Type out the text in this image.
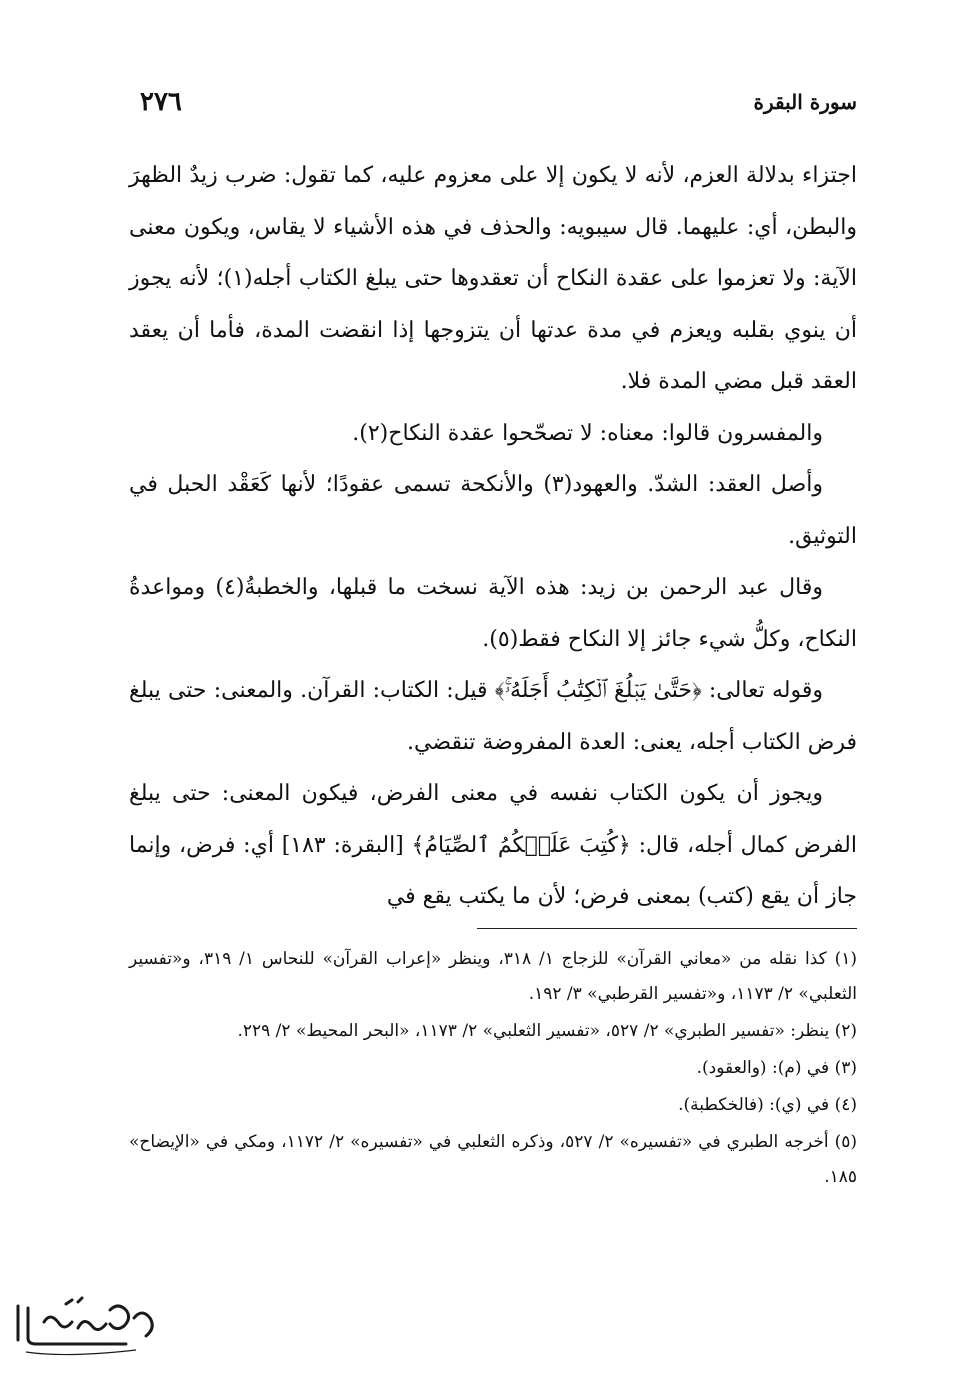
سورة البقرة
٢٧٦

اجتزاء بدلالة العزم، لأنه لا يكون إلا على معزوم عليه، كما تقول: ضرب زيدٌ الظهرَ والبطن، أي: عليهما. قال سيبويه: والحذف في هذه الأشياء لا يقاس، ويكون معنى الآية: ولا تعزموا على عقدة النكاح أن تعقدوها حتى يبلغ الكتاب أجله(١)؛ لأنه يجوز أن ينوي بقلبه ويعزم في مدة عدتها أن يتزوجها إذا انقضت المدة، فأما أن يعقد العقد قبل مضي المدة فلا.

والمفسرون قالوا: معناه: لا تصحّحوا عقدة النكاح(٢).

وأصل العقد: الشدّ. والعهود(٣) والأنكحة تسمى عقودًا؛ لأنها كَعَقْد الحبل في التوثيق.

وقال عبد الرحمن بن زيد: هذه الآية نسخت ما قبلها، والخطبةُ(٤) ومواعدةُ النكاح، وكلُّ شيء جائز إلا النكاح فقط(٥).

وقوله تعالى: ﴿حَتَّىٰ يَبۡلُغَ ٱلۡكِتَٰبُ أَجَلَهُۥۚ﴾ قيل: الكتاب: القرآن. والمعنى: حتى يبلغ فرض الكتاب أجله، يعنى: العدة المفروضة تنقضي.

ويجوز أن يكون الكتاب نفسه في معنى الفرض، فيكون المعنى: حتى يبلغ الفرض كمال أجله، قال: ﴿كُتِبَ عَلَيۡكُمُ ٱلصِّيَامُ﴾ [البقرة: ١٨٣] أي: فرض، وإنما جاز أن يقع (كتب) بمعنى فرض؛ لأن ما يكتب يقع في

(١) كذا نقله من «معاني القرآن» للزجاج ١/ ٣١٨، وينظر «إعراب القرآن» للنحاس ١/ ٣١٩، و«تفسير الثعلبي» ٢/ ١١٧٣، و«تفسير القرطبي» ٣/ ١٩٢.

(٢) ينظر: «تفسير الطبري» ٢/ ٥٢٧، «تفسير الثعلبي» ٢/ ١١٧٣، «البحر المحيط» ٢/ ٢٢٩.

(٣) في (م): (والعقود).

(٤) في (ي): (فالخكطبة).

(٥) أخرجه الطبري في «تفسيره» ٢/ ٥٢٧، وذكره الثعلبي في «تفسيره» ٢/ ١١٧٢، ومكي في «الإيضاح» ١٨٥.
